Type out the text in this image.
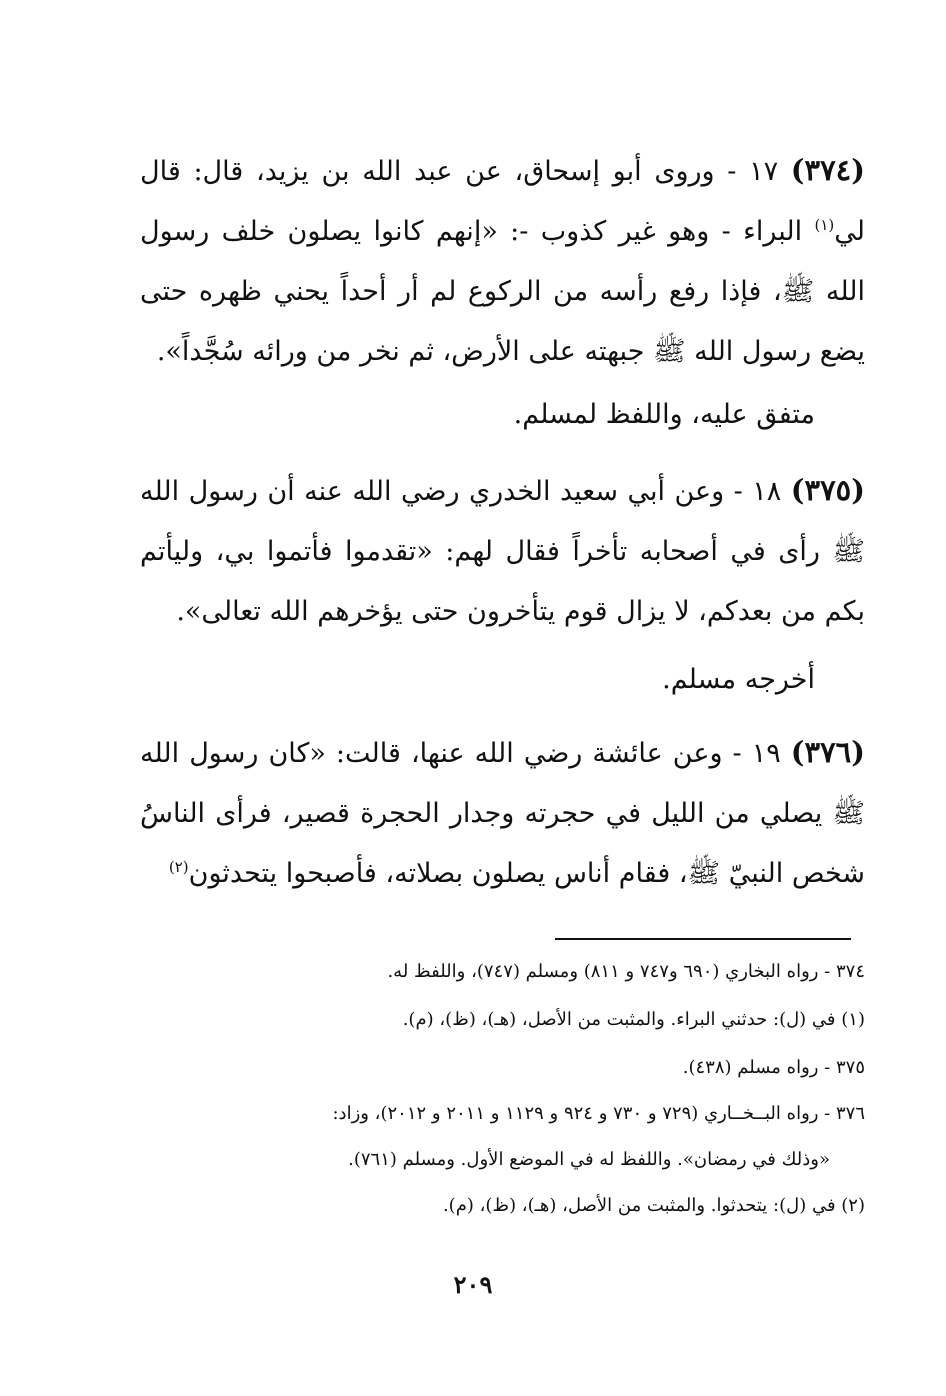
(٣٧٤) ١٧ - وروى أبو إسحاق، عن عبد الله بن يزيد، قال: قال لي$^{(١)}$ البراء - وهو غير كذوب -: «إنهم كانوا يصلون خلف رسول الله ﷺ، فإذا رفع رأسه من الركوع لم أر أحداً يحني ظهره حتى يضع رسول الله ﷺ جبهته على الأرض، ثم نخر من ورائه سُجَّداً».
متفق عليه، واللفظ لمسلم.
(٣٧٥) ١٨ - وعن أبي سعيد الخدري رضي الله عنه أن رسول الله ﷺ رأى في أصحابه تأخراً فقال لهم: «تقدموا فأتموا بي، وليأتم بكم من بعدكم، لا يزال قوم يتأخرون حتى يؤخرهم الله تعالى».
أخرجه مسلم.
(٣٧٦) ١٩ - وعن عائشة رضي الله عنها، قالت: «كان رسول الله ﷺ يصلي من الليل في حجرته وجدار الحجرة قصير، فرأى الناسُ شخص النبيّ ﷺ، فقام أناس يصلون بصلاته، فأصبحوا يتحدثون$^{(٢)}$
٣٧٤ - رواه البخاري (٦٩٠ و٧٤٧ و ٨١١) ومسلم (٧٤٧)، واللفظ له.
(١) في (ل): حدثني البراء. والمثبت من الأصل، (هـ)، (ظ)، (م).
٣٧٥ - رواه مسلم (٤٣٨).
٣٧٦ - رواه البــخــاري (٧٢٩ و ٧٣٠ و ٩٢٤ و ١١٢٩ و ٢٠١١ و ٢٠١٢)، وزاد:
«وذلك في رمضان». واللفظ له في الموضع الأول. ومسلم (٧٦١).
(٢) في (ل): يتحدثوا. والمثبت من الأصل، (هـ)، (ظ)، (م).
٢٠٩
